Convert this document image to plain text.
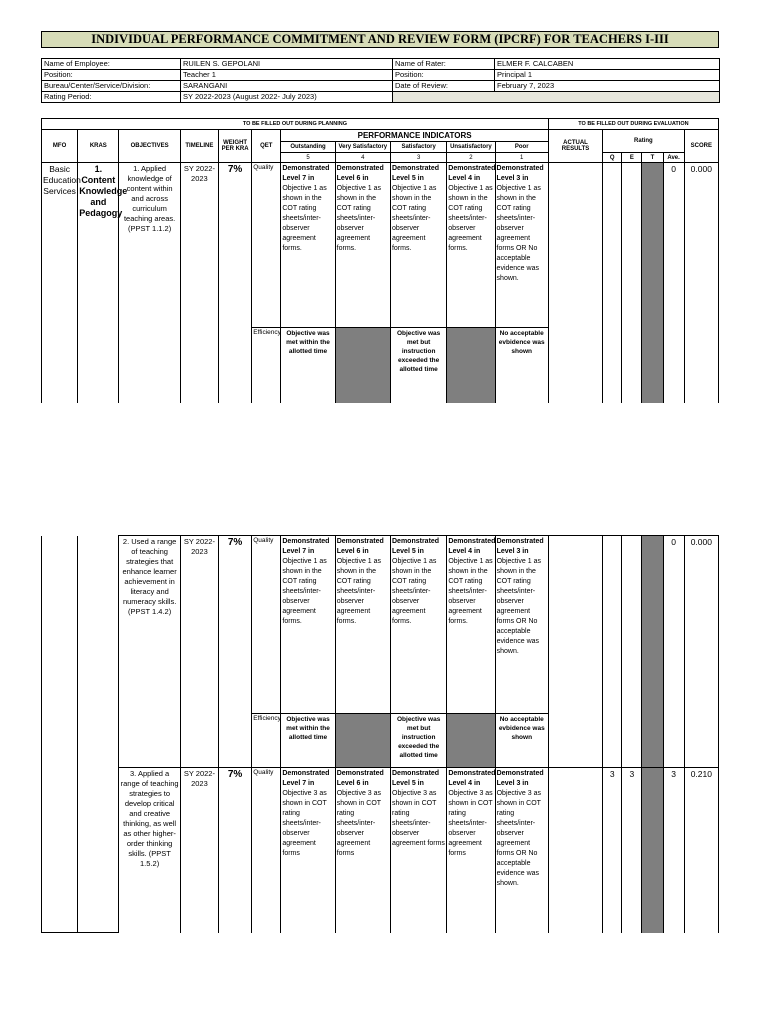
INDIVIDUAL PERFORMANCE COMMITMENT AND REVIEW FORM (IPCRF) FOR TEACHERS I-III
Name of Employee:	RUILEN S. GEPOLANI	Name of Rater:	ELMER F. CALCABEN
Position:	Teacher 1	Position:	Principal 1
Bureau/Center/Service/Division:	SARANGANI	Date of Review:	February 7, 2023
Rating Period:	SY 2022-2023 (August 2022- July 2023)		
TO BE FILLED OUT DURING PLANNING											TO BE FILLED OUT DURING EVALUATION					
MFO	KRAS	OBJECTIVES	TIMELINE	WEIGHT PER KRA	QET	PERFORMANCE INDICATORS					ACTUAL RESULTS	Rating				SCORE
						Outstanding	Very Satisfactory	Satisfactory	Unsatisfactory	Poor						
						5	4	3	2	1		Q	E	T	Ave.	
Basic Education Services	1. Content Knowledge and Pedagogy	1. Applied knowledge of content within and across curriculum teaching areas. (PPST 1.1.2)	SY 2022-2023	7%	Quality	Demonstrated
Level 7 in
Objective 1 as shown in the COT rating sheets/inter-observer agreement forms.	Demonstrated
Level 6 in
Objective 1 as shown in the COT rating sheets/inter-observer agreement forms.	Demonstrated
Level 5 in
Objective 1 as shown in the COT rating sheets/inter-observer agreement forms.	Demonstrated
Level 4 in
Objective 1 as shown in the COT rating sheets/inter-observer agreement forms.	Demonstrated
Level 3 in
Objective 1 as shown in the COT rating sheets/inter-observer agreement forms OR No acceptable evidence was shown.					0	0.000
					Efficiency	Objective was met within the allotted time		Objective was met but instruction exceeded the allotted time		No acceptable evbidence was shown						
		2. Used a range of teaching strategies that enhance learner achievement in literacy and numeracy skills. (PPST 1.4.2)	SY 2022-2023	7%	Quality	Demonstrated
Level 7 in
Objective 1 as shown in the COT rating sheets/inter-observer agreement forms.	Demonstrated
Level 6 in
Objective 1 as shown in the COT rating sheets/inter-observer agreement forms.	Demonstrated
Level 5 in
Objective 1 as shown in the COT rating sheets/inter-observer agreement forms.	Demonstrated
Level 4 in
Objective 1 as shown in the COT rating sheets/inter-observer agreement forms.	Demonstrated
Level 3 in
Objective 1 as shown in the COT rating sheets/inter-observer agreement forms OR No acceptable evidence was shown.					0	0.000
					Efficiency	Objective was met within the allotted time		Objective was met but instruction exceeded the allotted time		No acceptable evbidence was shown						
		3. Applied a range of teaching strategies to develop critical and creative thinking, as well as other higher-order thinking skills. (PPST 1.5.2)	SY 2022-2023	7%	Quality	Demonstrated
Level 7 in
Objective 3 as shown in COT rating sheets/inter-observer agreement forms	Demonstrated
Level 6 in
Objective 3 as shown in COT rating sheets/inter-observer agreement forms	Demonstrated
Level 5 in
Objective 3 as shown in COT rating sheets/inter-observer agreement forms	Demonstrated
Level 4 in
Objective 3 as shown in COT rating sheets/inter-observer agreement forms	Demonstrated
Level 3 in
Objective 3 as shown in COT rating sheets/inter-observer agreement forms OR No acceptable evidence was shown.		3	3		3	0.210
